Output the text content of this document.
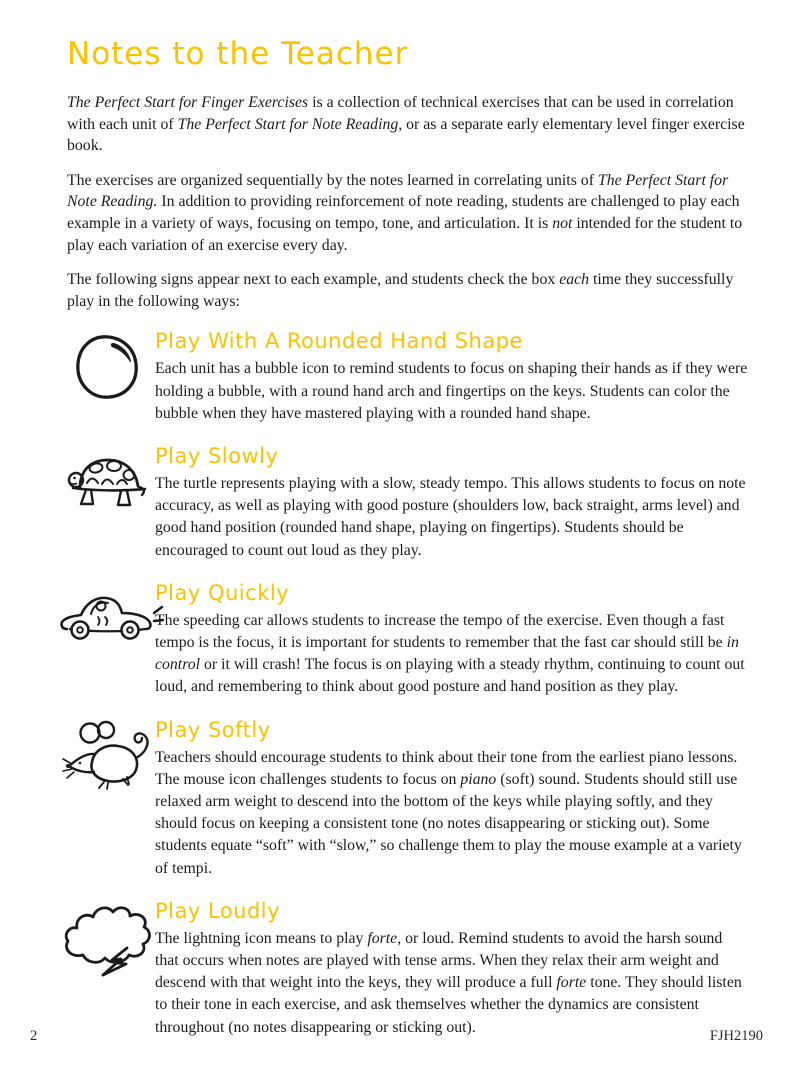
Notes to the Teacher

The Perfect Start for Finger Exercises is a collection of technical exercises that can be used in correlation with each unit of The Perfect Start for Note Reading, or as a separate early elementary level finger exercise book.

The exercises are organized sequentially by the notes learned in correlating units of The Perfect Start for Note Reading. In addition to providing reinforcement of note reading, students are challenged to play each example in a variety of ways, focusing on tempo, tone, and articulation. It is not intended for the student to play each variation of an exercise every day.

The following signs appear next to each example, and students check the box each time they successfully play in the following ways:

Play With A Rounded Hand Shape
Each unit has a bubble icon to remind students to focus on shaping their hands as if they were holding a bubble, with a round hand arch and fingertips on the keys. Students can color the bubble when they have mastered playing with a rounded hand shape.
Play Slowly
The turtle represents playing with a slow, steady tempo. This allows students to focus on note accuracy, as well as playing with good posture (shoulders low, back straight, arms level) and good hand position (rounded hand shape, playing on fingertips). Students should be encouraged to count out loud as they play.
Play Quickly
The speeding car allows students to increase the tempo of the exercise. Even though a fast tempo is the focus, it is important for students to remember that the fast car should still be in control or it will crash! The focus is on playing with a steady rhythm, continuing to count out loud, and remembering to think about good posture and hand position as they play.
Play Softly
Teachers should encourage students to think about their tone from the earliest piano lessons. The mouse icon challenges students to focus on piano (soft) sound. Students should still use relaxed arm weight to descend into the bottom of the keys while playing softly, and they should focus on keeping a consistent tone (no notes disappearing or sticking out). Some students equate “soft” with “slow,” so challenge them to play the mouse example at a variety of tempi.
Play Loudly
The lightning icon means to play forte, or loud. Remind students to avoid the harsh sound that occurs when notes are played with tense arms. When they relax their arm weight and descend with that weight into the keys, they will produce a full forte tone. They should listen to their tone in each exercise, and ask themselves whether the dynamics are consistent throughout (no notes disappearing or sticking out).
2	FJH2190
